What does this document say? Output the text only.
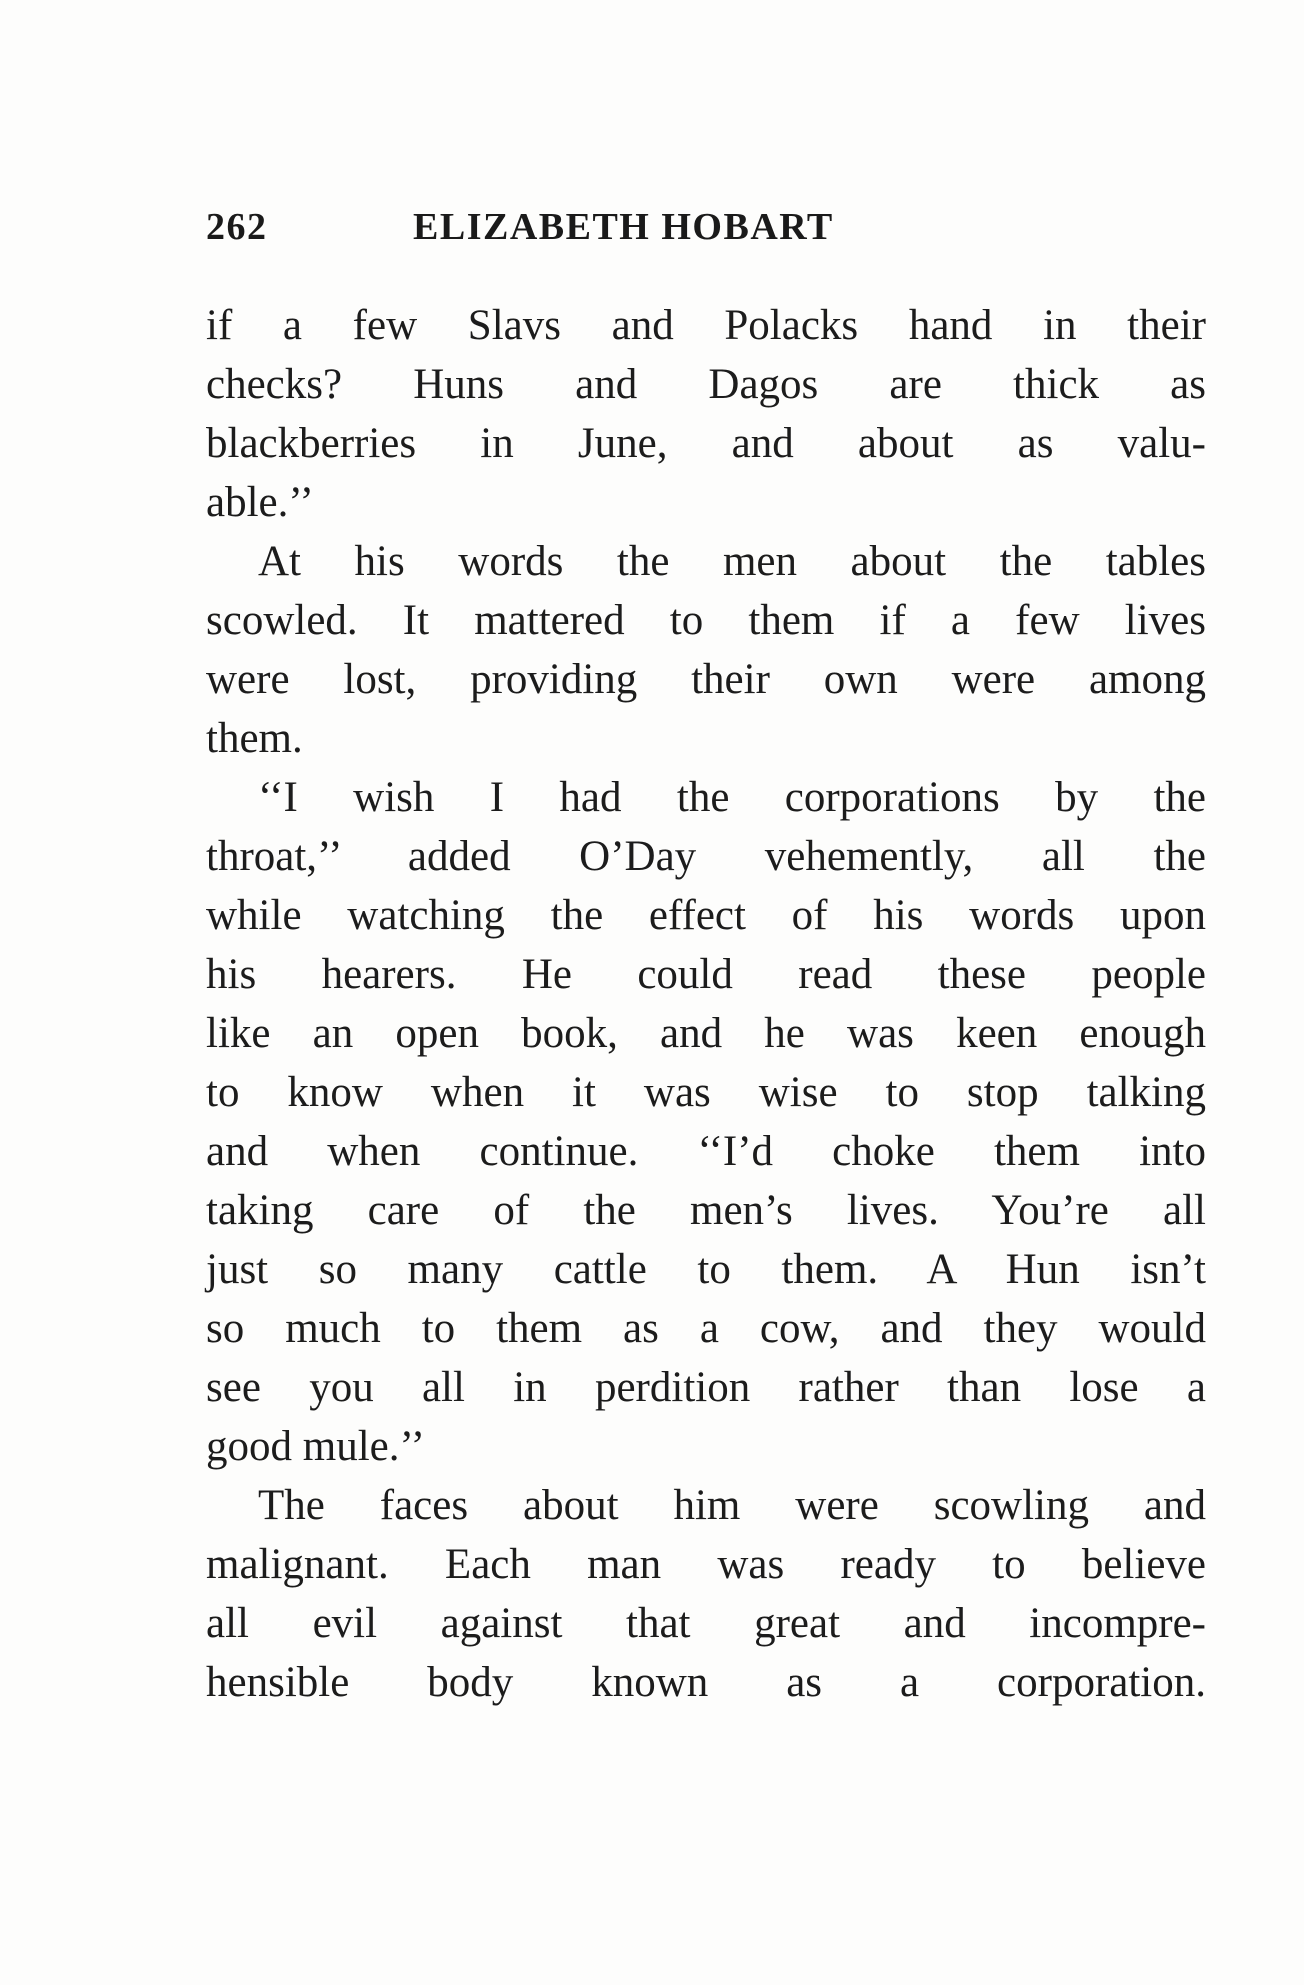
262	ELIZABETH HOBART
if a few Slavs and Polacks hand in their
checks? Huns and Dagos are thick as
blackberries in June, and about as valu-
able.’’
At his words the men about the tables
scowled. It mattered to them if a few lives
were lost, providing their own were among
them.
‘‘I wish I had the corporations by the
throat,’’ added O’Day vehemently, all the
while watching the effect of his words upon
his hearers. He could read these people
like an open book, and he was keen enough
to know when it was wise to stop talking
and when continue. ‘‘I’d choke them into
taking care of the men’s lives. You’re all
just so many cattle to them. A Hun isn’t
so much to them as a cow, and they would
see you all in perdition rather than lose a
good mule.’’
The faces about him were scowling and
malignant. Each man was ready to believe
all evil against that great and incompre-
hensible body known as a corporation.
